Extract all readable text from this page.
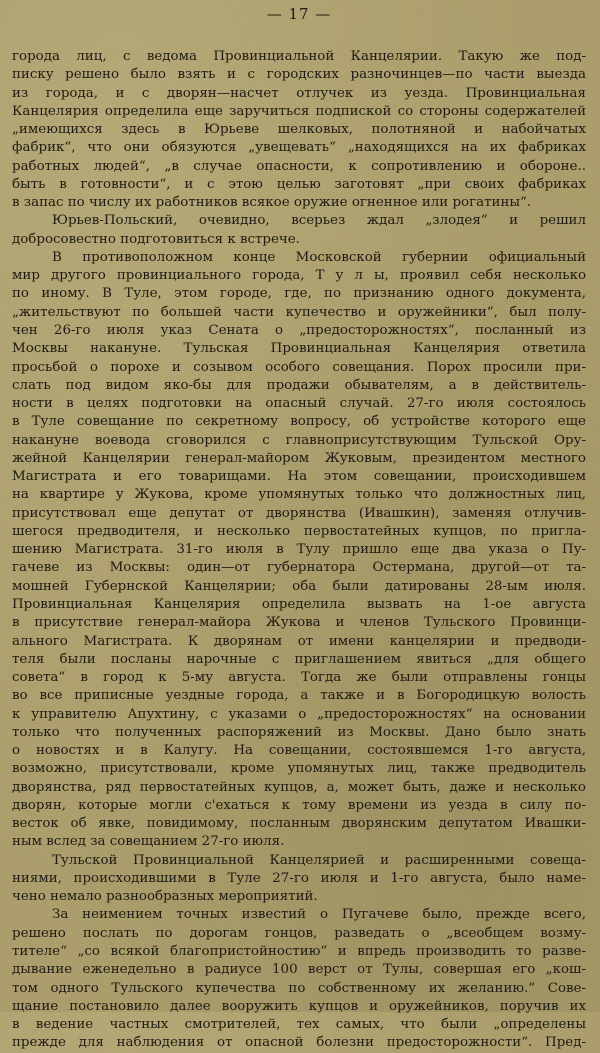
— 17 —
города лиц, с ведома Провинциальной Канцелярии. Такую же под-
писку решено было взять и с городских разночинцев—по части выезда
из города, и с дворян—насчет отлучек из уезда. Провинциальная
Канцелярия определила еще заручиться подпиской со стороны содержателей
„имеющихся здесь в Юрьеве шелковых, полотняной и набойчатых
фабрик“, что они обязуются „увещевать“ „находящихся на их фабриках
работных людей“, „в случае опасности, к сопротивлению и обороне..
быть в готовности“, и с этою целью заготовят „при своих фабриках
в запас по числу их работников всякое оружие огненное или рогатины“.
Юрьев-Польский, очевидно, всерьез ждал „злодея“ и решил
добросовестно подготовиться к встрече.
В противоположном конце Московской губернии официальный
мир другого провинциального города, Т у л ы, проявил себя несколько
по иному. В Туле, этом городе, где, по признанию одного документа,
„жительствуют по большей части купечество и оружейники“, был полу-
чен 26-го июля указ Сената о „предосторожностях“, посланный из
Москвы накануне. Тульская Провинциальная Канцелярия ответила
просьбой о порохе и созывом особого совещания. Порох просили при-
слать под видом яко-бы для продажи обывателям, а в действитель-
ности в целях подготовки на опасный случай. 27-го июля состоялось
в Туле совещание по секретному вопросу, об устройстве которого еще
накануне воевода сговорился с главноприсутствующим Тульской Ору-
жейной Канцелярии генерал-майором Жуковым, президентом местного
Магистрата и его товарищами. На этом совещании, происходившем
на квартире у Жукова, кроме упомянутых только что должностных лиц,
присутствовал еще депутат от дворянства (Ивашкин), заменяя отлучив-
шегося предводителя, и несколько первостатейных купцов, по пригла-
шению Магистрата. 31-го июля в Тулу пришло еще два указа о Пу-
гачеве из Москвы: один—от губернатора Остермана, другой—от та-
мошней Губернской Канцелярии; оба были датированы 28-ым июля.
Провинциальная Канцелярия определила вызвать на 1-ое августа
в присутствие генерал-майора Жукова и членов Тульского Провинци-
ального Магистрата. К дворянам от имени канцелярии и предводи-
теля были посланы нарочные с приглашением явиться „для общего
совета“ в город к 5-му августа. Тогда же были отправлены гонцы
во все приписные уездные города, а также и в Богородицкую волость
к управителю Апухтину, с указами о „предосторожностях“ на основании
только что полученных распоряжений из Москвы. Дано было знать
о новостях и в Калугу. На совещании, состоявшемся 1-го августа,
возможно, присутствовали, кроме упомянутых лиц, также предводитель
дворянства, ряд первостатейных купцов, а, может быть, даже и несколько
дворян, которые могли с'ехаться к тому времени из уезда в силу по-
весток об явке, повидимому, посланным дворянским депутатом Ивашки-
ным вслед за совещанием 27-го июля.
Тульской Провинциальной Канцелярией и расширенными совеща-
ниями, происходившими в Туле 27-го июля и 1-го августа, было наме-
чено немало разнообразных мероприятий.
За неимением точных известий о Пугачеве было, прежде всего,
решено послать по дорогам гонцов, разведать о „всеобщем возму-
тителе“ „со всякой благопристойностию“ и впредь производить то разве-
дывание еженедельно в радиусе 100 верст от Тулы, совершая его „кош-
том одного Тульского купечества по собственному их желанию.“ Сове-
щание постановило далее вооружить купцов и оружейников, поручив их
в ведение частных смотрителей, тех самых, что были „определены
прежде для наблюдения от опасной болезни предосторожности“. Пред-
